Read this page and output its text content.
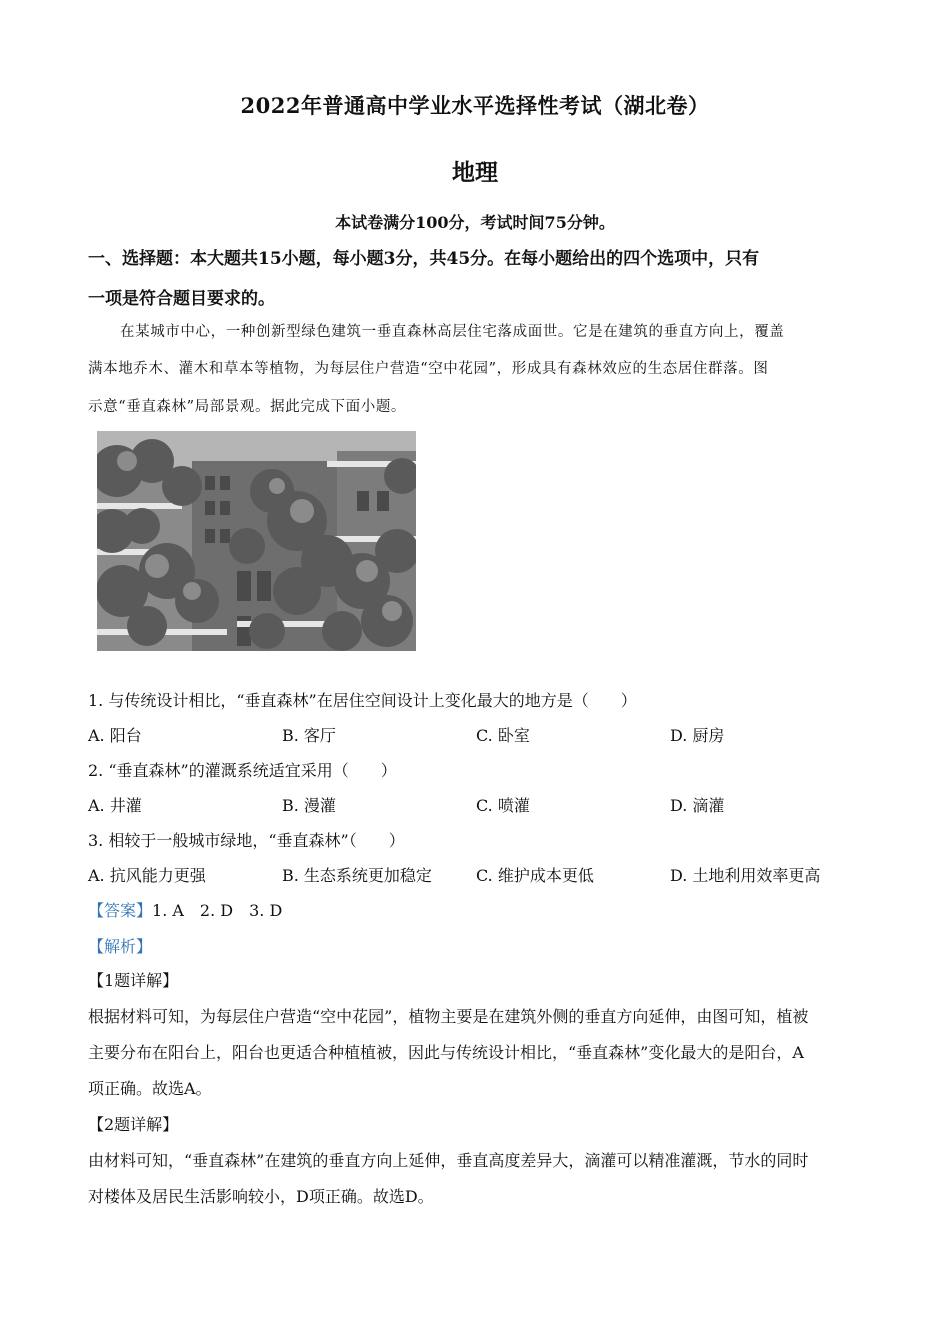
2022年普通高中学业水平选择性考试（湖北卷）
地理
本试卷满分100分，考试时间75分钟。
一、选择题：本大题共15小题，每小题3分，共45分。在每小题给出的四个选项中，只有
一项是符合题目要求的。
在某城市中心，一种创新型绿色建筑一垂直森林高层住宅落成面世。它是在建筑的垂直方向上，覆盖
满本地乔木、灌木和草本等植物，为每层住户营造“空中花园”，形成具有森林效应的生态居住群落。图
示意“垂直森林”局部景观。据此完成下面小题。
1. 与传统设计相比，“垂直森林”在居住空间设计上变化最大的地方是（　　）
A. 阳台	B. 客厅	C. 卧室	D. 厨房
2. “垂直森林”的灌溉系统适宜采用（　　）
A. 井灌	B. 漫灌	C. 喷灌	D. 滴灌
3. 相较于一般城市绿地，“垂直森林”（　　）
A. 抗风能力更强	B. 生态系统更加稳定	C. 维护成本更低	D. 土地利用效率更高
【答案】1. A　2. D　3. D
【解析】
【1题详解】
根据材料可知，为每层住户营造“空中花园”，植物主要是在建筑外侧的垂直方向延伸，由图可知，植被
主要分布在阳台上，阳台也更适合种植植被，因此与传统设计相比，“垂直森林”变化最大的是阳台，A
项正确。故选A。
【2题详解】
由材料可知，“垂直森林”在建筑的垂直方向上延伸，垂直高度差异大，滴灌可以精准灌溉，节水的同时
对楼体及居民生活影响较小，D项正确。故选D。
